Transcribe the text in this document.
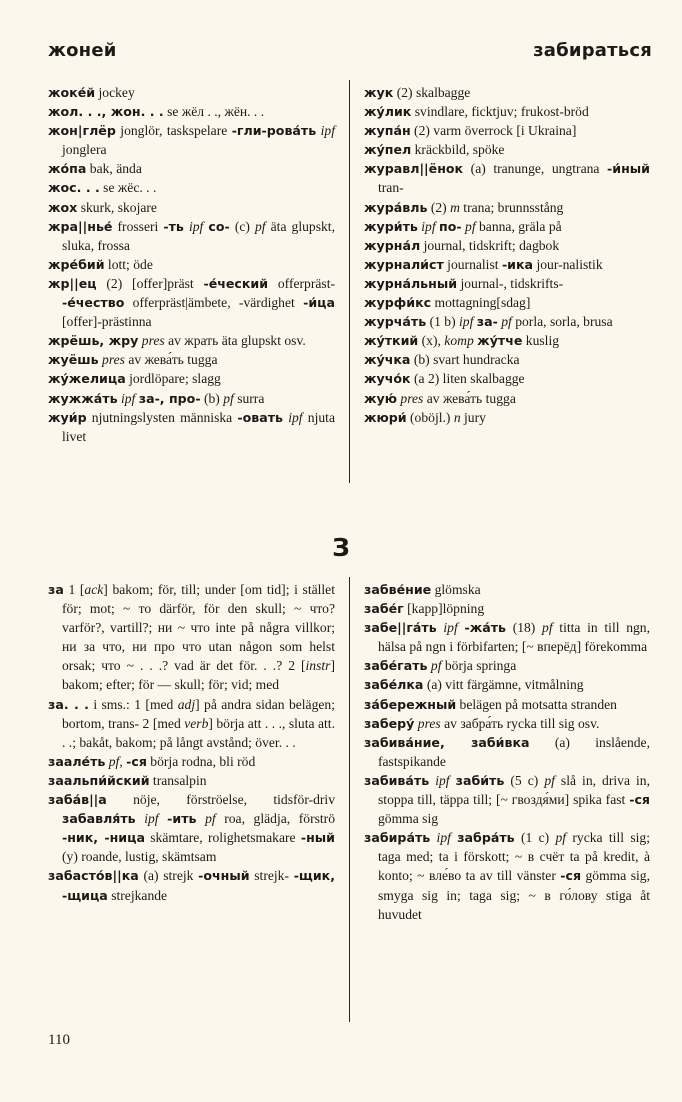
жоней	забираться

жоке́й jockey

жол. . ., жон. . . se жёл . ., жён. . .

жон|глёр jonglör, taskspelare -гли-рова́ть ipf jonglera

жо́па bak, ända

жос. . . se жёс. . .

жох skurk, skojare

жра||нье́ frosseri -ть ipf со- (c) pf äta glupskt, sluka, frossa

жре́бий lott; öde

жр||ец (2) [offer]präst -е́ческий offerpräst- -е́чество offerpräst|ämbete, -värdighet -и́ца [offer]-prästinna

жрёшь, жру pres av жрать äta glupskt osv.

жуёшь pres av жева́ть tugga

жу́желица jordlöpare; slagg

жужжа́ть ipf за-, про- (b) pf surra

жуи́р njutningslysten människa -овать ipf njuta livet

жук (2) skalbagge

жу́лик svindlare, ficktjuv; frukost-bröd

жупа́н (2) varm överrock [i Ukraina]

жу́пел kräckbild, spöke

журавл||ёнок (a) tranunge, ungtrana -и́ный tran-

жура́вль (2) m trana; brunnsstång

жури́ть ipf по- pf banna, gräla på

журна́л journal, tidskrift; dagbok

журнали́ст journalist -ика jour-nalistik

журна́льный journal-, tidskrifts-

журфи́кс mottagning[sdag]

журча́ть (1 b) ipf за- pf porla, sorla, brusa

жу́ткий (x), komp жу́тче kuslig

жу́чка (b) svart hundracka

жучо́к (a 2) liten skalbagge

жую́ pres av жева́ть tugga

жюри́ (oböjl.) n jury

З

за 1 [ack] bakom; för, till; under [om tid]; i stället för; mot; ~ то därför, för den skull; ~ что? varför?, vartill?; ни ~ что inte på några villkor; ни за что, ни про что utan någon som helst orsak; что ~ . . .? vad är det för. . .? 2 [instr] bakom; efter; för — skull; för; vid; med

за. . . i sms.: 1 [med adj] på andra sidan belägen; bortom, trans- 2 [med verb] börja att . . ., sluta att. . .; bakåt, bakom; på långt avstånd; över. . .

заале́ть pf, -ся börja rodna, bli röd

заальпи́йский transalpin

заба́в||а nöje, förströelse, tidsför-driv забавля́ть ipf -ить pf roa, glädja, förströ -ник, -ница skämtare, rolighetsmakare -ный (y) roande, lustig, skämtsam

забасто́в||ка (a) strejk -очный strejk- -щик, -щица strejkande

забве́ние glömska

забе́г [kapp]löpning

забе||га́ть ipf -жа́ть (18) pf titta in till ngn, hälsa på ngn i förbifarten; [~ вперёд] förekomma

забе́гать pf börja springa

забе́лка (a) vitt färgämne, vitmålning

за́бережный belägen på motsatta stranden

заберу́ pres av забра́ть rycka till sig osv.

забива́ние, заби́вка (a) inslående, fastspikande

забива́ть ipf заби́ть (5 c) pf slå in, driva in, stoppa till, täppa till; [~ гвоздя́ми] spika fast -ся gömma sig

забира́ть ipf забра́ть (1 c) pf rycka till sig; taga med; ta i förskott; ~ в счёт ta på kredit, à konto; ~ вле́во ta av till vänster -ся gömma sig, smyga sig in; taga sig; ~ в го́лову stiga åt huvudet

110
